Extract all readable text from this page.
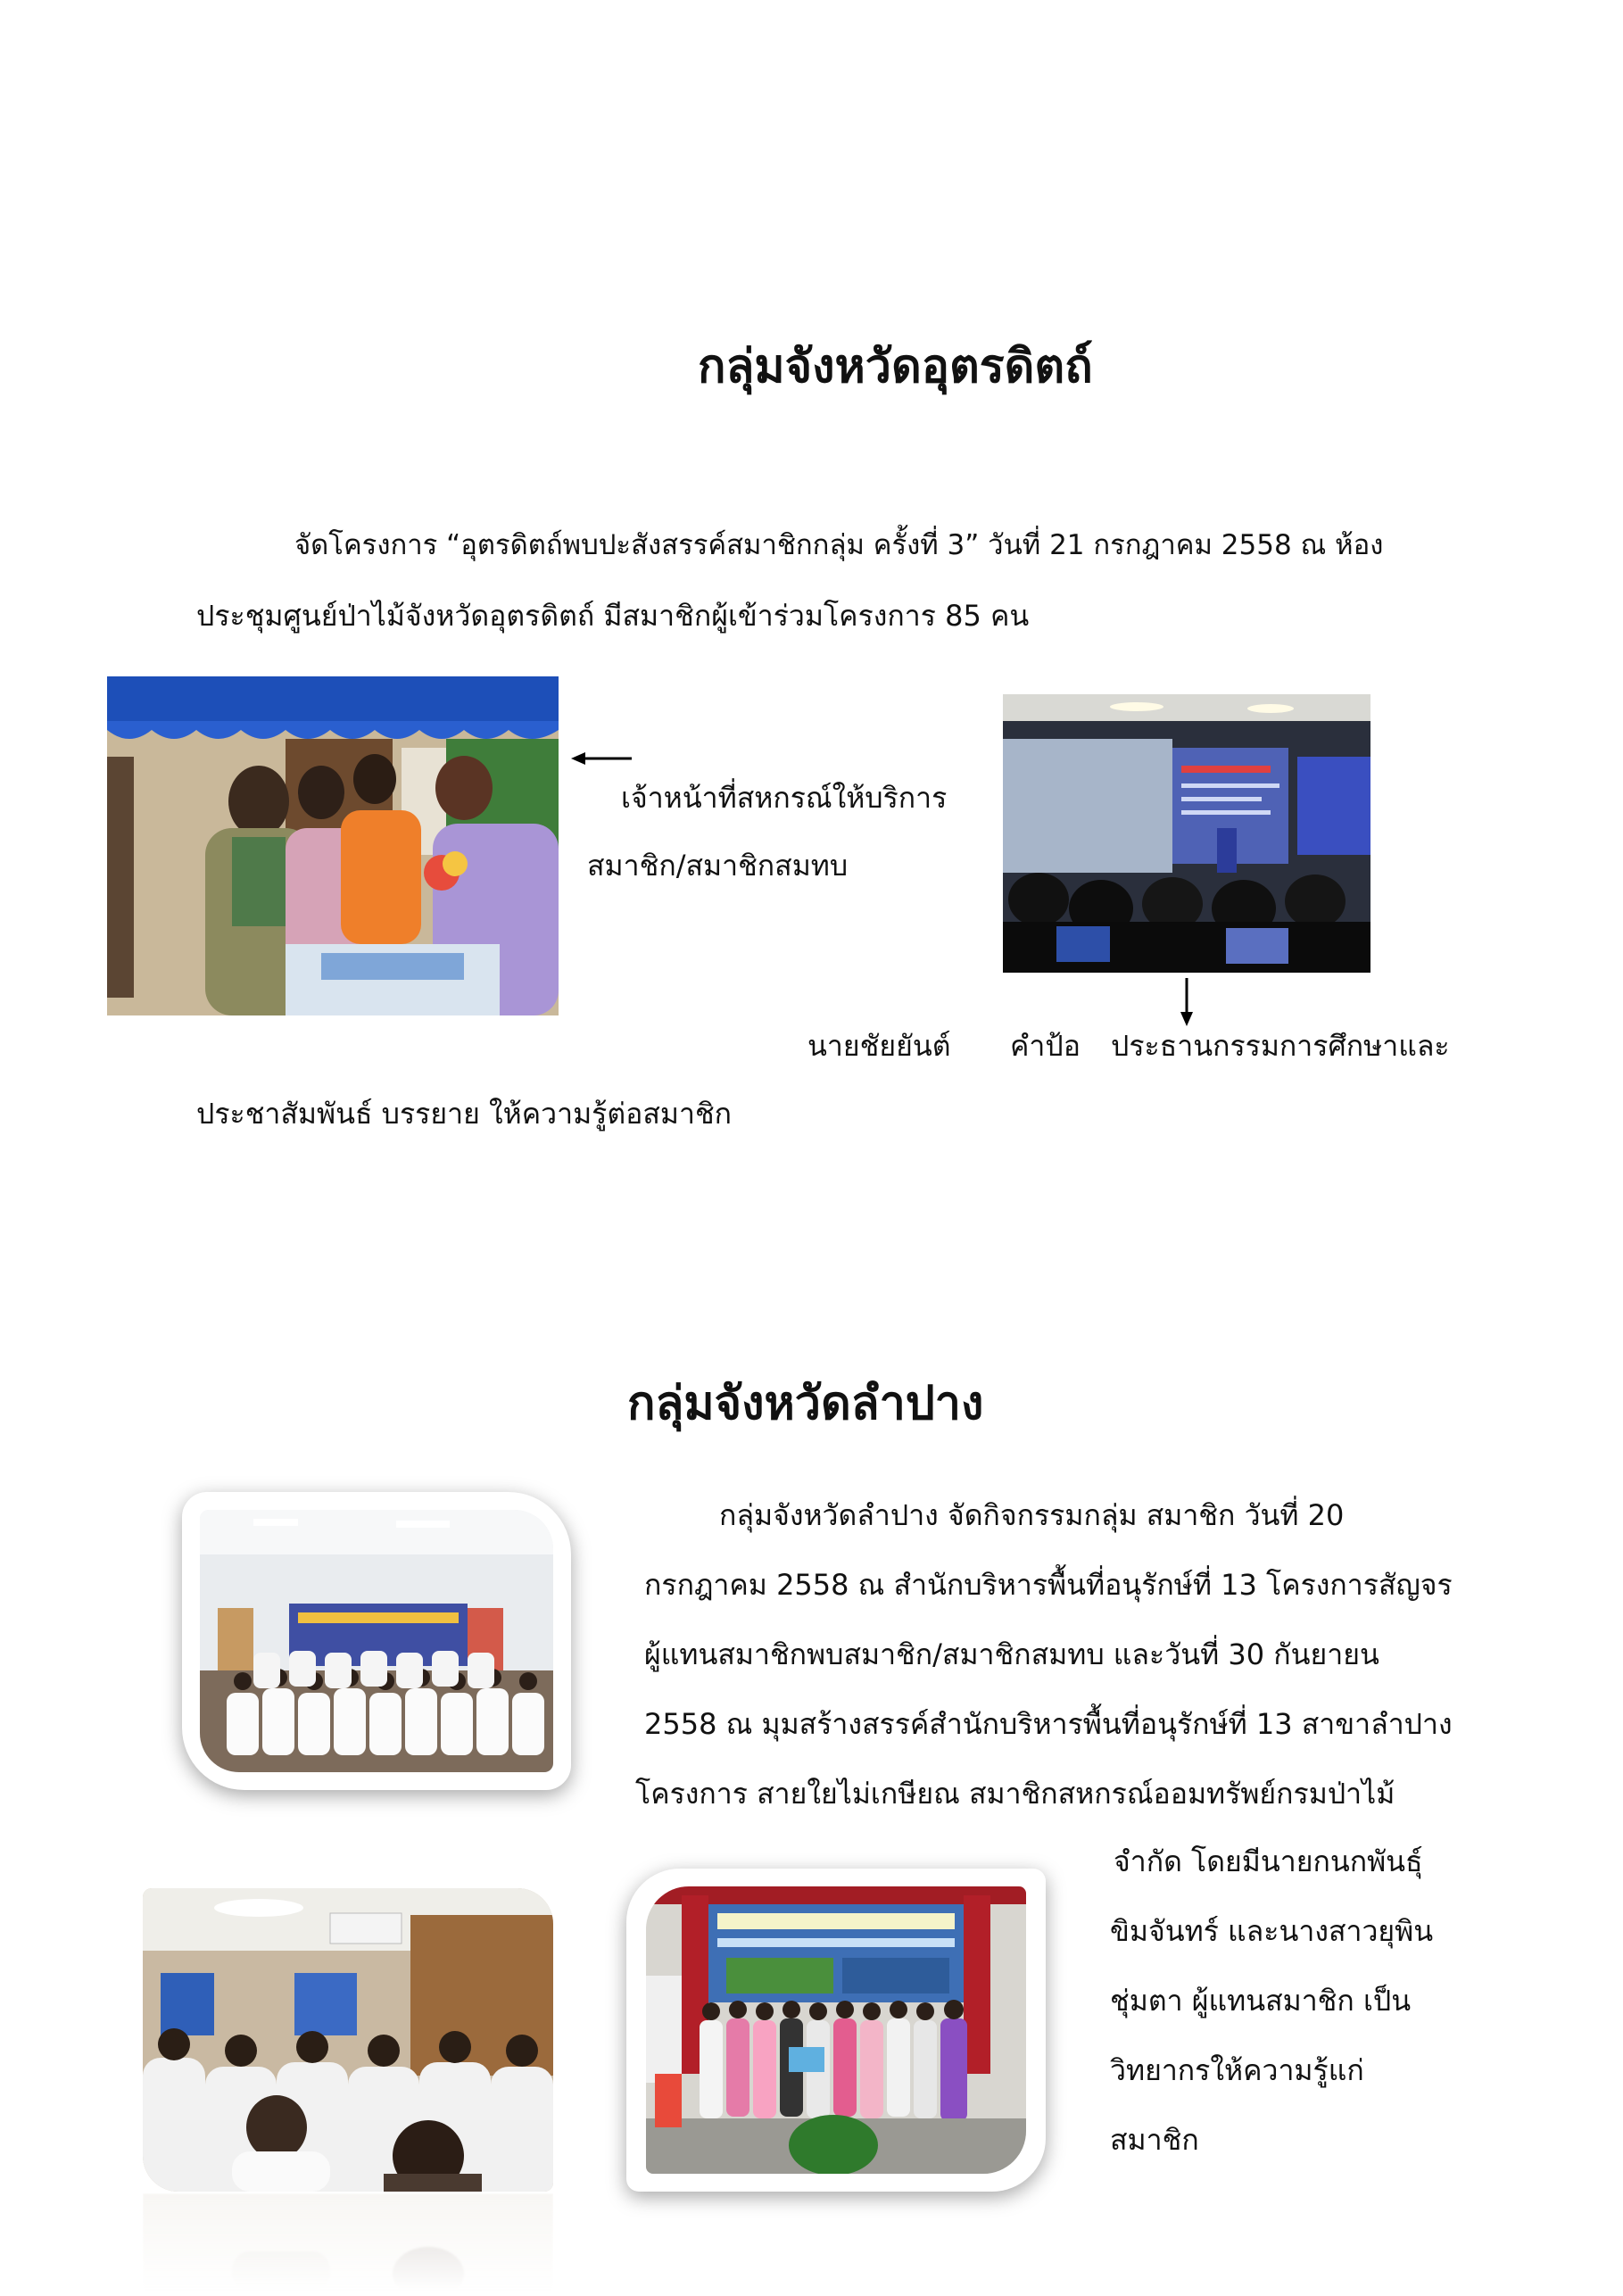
กลุ่มจังหวัดอุตรดิตถ์
จัดโครงการ “อุตรดิตถ์พบปะสังสรรค์สมาชิกกลุ่ม ครั้งที่ 3” วันที่ 21 กรกฎาคม 2558 ณ ห้อง
ประชุมศูนย์ป่าไม้จังหวัดอุตรดิตถ์ มีสมาชิกผู้เข้าร่วมโครงการ 85 คน
เจ้าหน้าที่สหกรณ์ให้บริการ
สมาชิก/สมาชิกสมทบ
นายชัยยันต์ คำป้อ ประธานกรรมการศึกษาและ
ประชาสัมพันธ์ บรรยาย ให้ความรู้ต่อสมาชิก
กลุ่มจังหวัดลำปาง
กลุ่มจังหวัดลำปาง จัดกิจกรรมกลุ่ม สมาชิก วันที่ 20
กรกฎาคม 2558 ณ สำนักบริหารพื้นที่อนุรักษ์ที่ 13 โครงการสัญจร
ผู้แทนสมาชิกพบสมาชิก/สมาชิกสมทบ และวันที่ 30 กันยายน
2558 ณ มุมสร้างสรรค์สำนักบริหารพื้นที่อนุรักษ์ที่ 13 สาขาลำปาง
โครงการ สายใยไม่เกษียณ สมาชิกสหกรณ์ออมทรัพย์กรมป่าไม้
จำกัด โดยมีนายกนกพันธุ์
ขิมจันทร์ และนางสาวยุพิน
ชุ่มตา ผู้แทนสมาชิก เป็น
วิทยากรให้ความรู้แก่
สมาชิก
